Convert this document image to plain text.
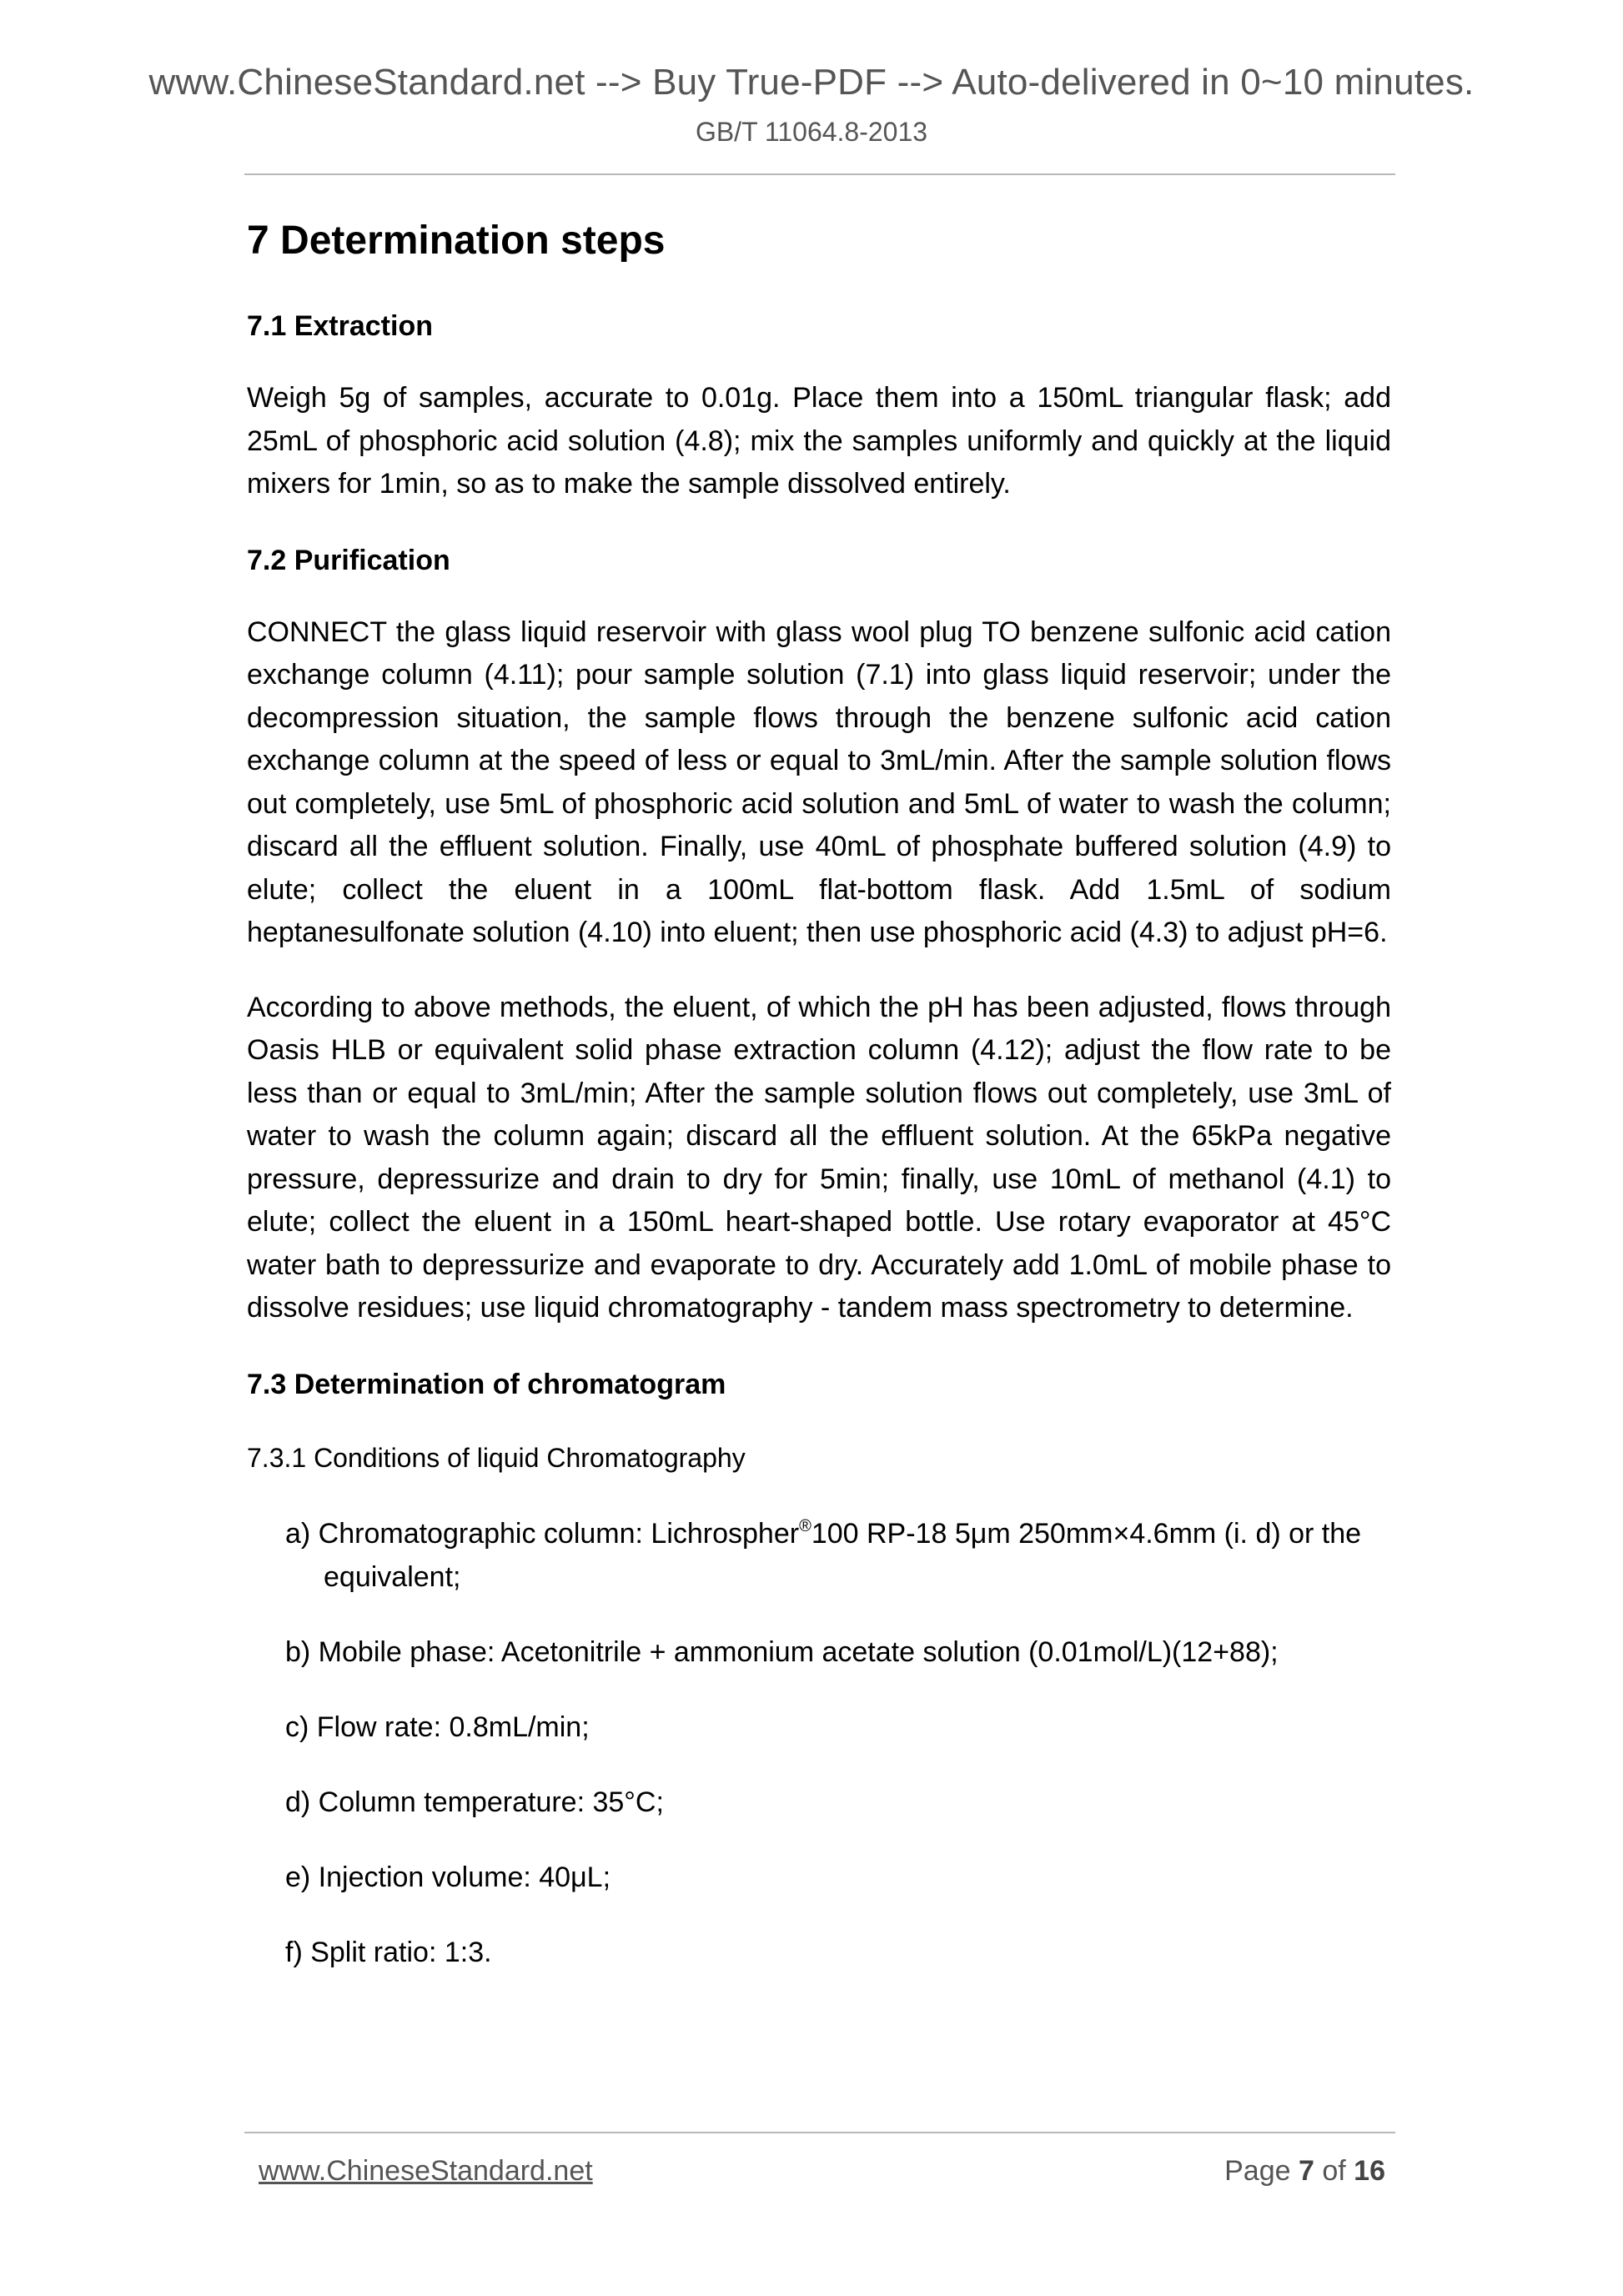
www.ChineseStandard.net --> Buy True-PDF --> Auto-delivered in 0~10 minutes.
GB/T 11064.8-2013
7 Determination steps
7.1 Extraction

Weigh 5g of samples, accurate to 0.01g. Place them into a 150mL triangular flask; add 25mL of phosphoric acid solution (4.8); mix the samples uniformly and quickly at the liquid mixers for 1min, so as to make the sample dissolved entirely.

7.2 Purification

CONNECT the glass liquid reservoir with glass wool plug TO benzene sulfonic acid cation exchange column (4.11); pour sample solution (7.1) into glass liquid reservoir; under the decompression situation, the sample flows through the benzene sulfonic acid cation exchange column at the speed of less or equal to 3mL/min. After the sample solution flows out completely, use 5mL of phosphoric acid solution and 5mL of water to wash the column; discard all the effluent solution. Finally, use 40mL of phosphate buffered solution (4.9) to elute; collect the eluent in a 100mL flat-bottom flask. Add 1.5mL of sodium heptanesulfonate solution (4.10) into eluent; then use phosphoric acid (4.3) to adjust pH=6.

According to above methods, the eluent, of which the pH has been adjusted, flows through Oasis HLB or equivalent solid phase extraction column (4.12); adjust the flow rate to be less than or equal to 3mL/min; After the sample solution flows out completely, use 3mL of water to wash the column again; discard all the effluent solution. At the 65kPa negative pressure, depressurize and drain to dry for 5min; finally, use 10mL of methanol (4.1) to elute; collect the eluent in a 150mL heart-shaped bottle. Use rotary evaporator at 45°C water bath to depressurize and evaporate to dry. Accurately add 1.0mL of mobile phase to dissolve residues; use liquid chromatography - tandem mass spectrometry to determine.

7.3 Determination of chromatogram
7.3.1 Conditions of liquid Chromatography
a) Chromatographic column: Lichrospher®100 RP-18 5μm 250mm×4.6mm (i. d) or the equivalent;
b) Mobile phase: Acetonitrile + ammonium acetate solution (0.01mol/L)(12+88);
c) Flow rate: 0.8mL/min;
d) Column temperature: 35°C;
e) Injection volume: 40μL;
f) Split ratio: 1:3.
www.ChineseStandard.net	Page 7 of 16
